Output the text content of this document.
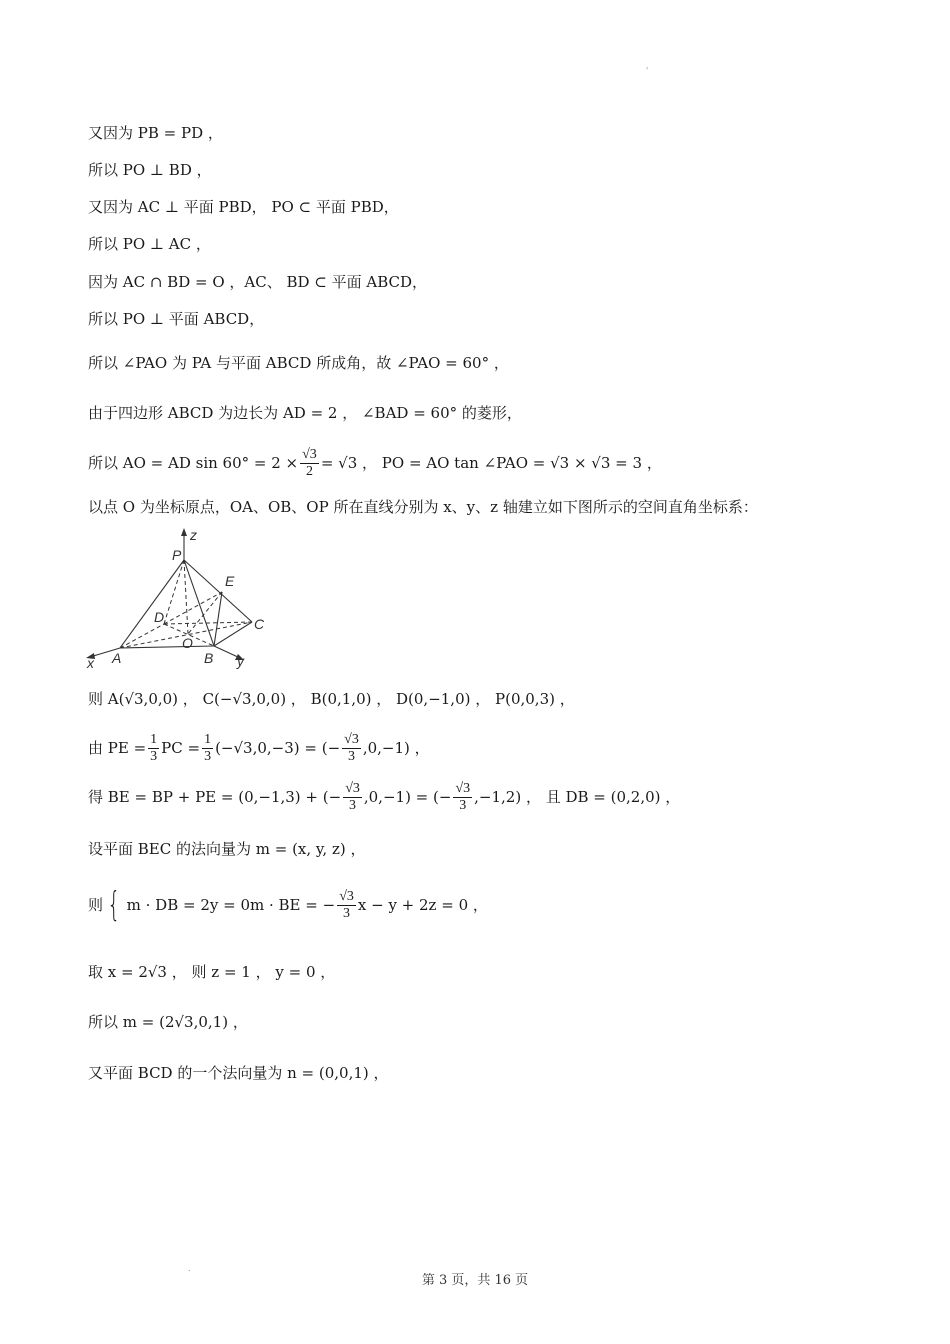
'
又因为 PB = PD ，
所以 PO ⊥ BD ，
又因为 AC ⊥ 平面 PBD， PO ⊂ 平面 PBD，
所以 PO ⊥ AC ，
因为 AC ∩ BD = O ，AC、 BD ⊂ 平面 ABCD，
所以 PO ⊥ 平面 ABCD，
所以 ∠PAO 为 PA 与平面 ABCD 所成角，故 ∠PAO = 60° ，
由于四边形 ABCD 为边长为 AD = 2 ， ∠BAD = 60° 的菱形，
所以 AO = AD $\sin 60^\circ = 2 \times \frac{√3}{2} = √3$ ， PO = AO tan ∠PAO = √3 × √3 = 3 ，
以点 O 为坐标原点，OA、OB、OP 所在直线分别为 x、y、z 轴建立如下图所示的空间直角坐标系：
P
z
E
D	C
O
A	B
x	y
则 A(√3,0,0) ， C(−√3,0,0) ， B(0,1,0) ， D(0,−1,0) ， P(0,0,3) ，
由 PE = $\frac{1}{3}$ PC = $\frac{1}{3} (-√3,0,-3)$ = (− $\frac{√3}{3} ,0,-1$) ，
得 BE = BP + PE = (0,−1,3) + (− $\frac{√3}{3} ,0,-1$) = (− $\frac{√3}{3} ,-1,2$) ， 且 DB = (0,2,0) ，
设平面 BEC 的法向量为 m = (x, y, z) ，
则 { m · DB = 2y = 0m · BE = − $\frac{√3}{3}$ x − y + 2z = 0 ，
取 x = 2√3 ， 则 z = 1 ， y = 0 ，
所以 m = (2√3,0,1) ，
又平面 BCD 的一个法向量为 n = (0,0,1) ，
.
第 3 页，共 16 页
